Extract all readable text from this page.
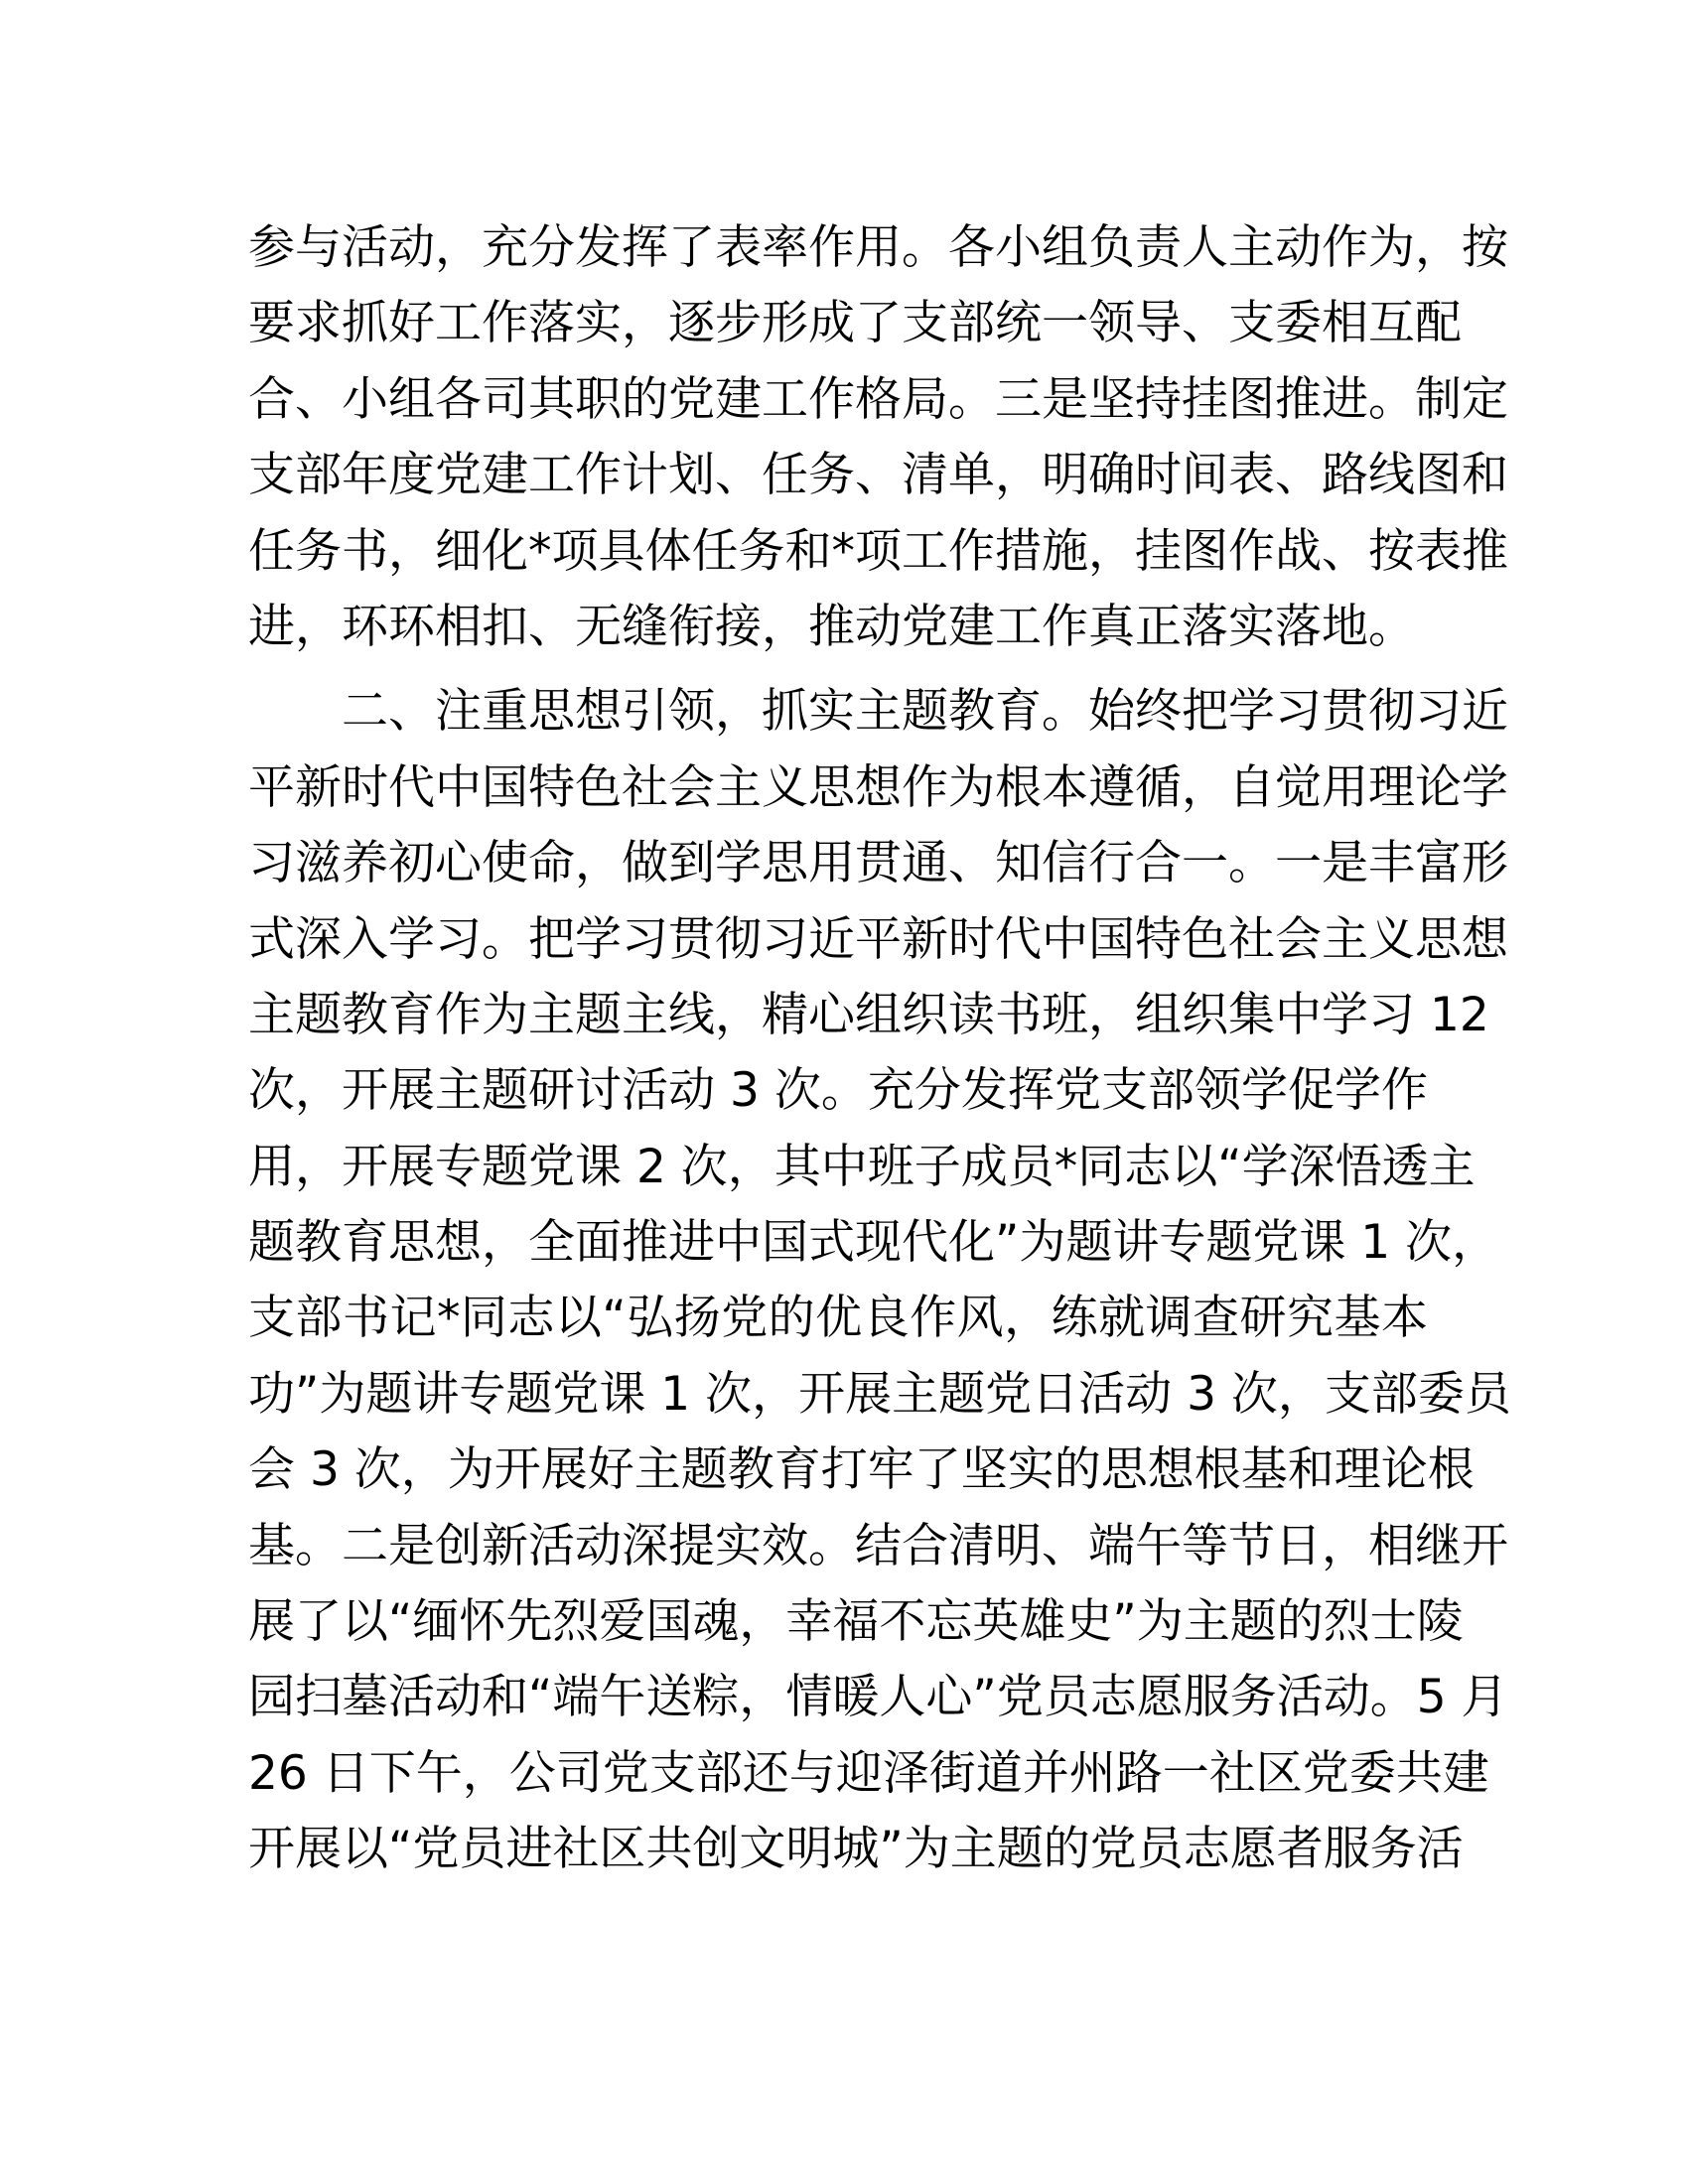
参与活动，充分发挥了表率作用。各小组负责人主动作为，按
要求抓好工作落实，逐步形成了支部统一领导、支委相互配
合、小组各司其职的党建工作格局。三是坚持挂图推进。制定
支部年度党建工作计划、任务、清单，明确时间表、路线图和
任务书，细化*项具体任务和*项工作措施，挂图作战、按表推
进，环环相扣、无缝衔接，推动党建工作真正落实落地。
二、注重思想引领，抓实主题教育。始终把学习贯彻习近
平新时代中国特色社会主义思想作为根本遵循，自觉用理论学
习滋养初心使命，做到学思用贯通、知信行合一。一是丰富形
式深入学习。把学习贯彻习近平新时代中国特色社会主义思想
主题教育作为主题主线，精心组织读书班，组织集中学习 12
次，开展主题研讨活动 3 次。充分发挥党支部领学促学作
用，开展专题党课 2 次，其中班子成员*同志以“学深悟透主
题教育思想，全面推进中国式现代化”为题讲专题党课 1 次，
支部书记*同志以“弘扬党的优良作风，练就调查研究基本
功”为题讲专题党课 1 次，开展主题党日活动 3 次，支部委员
会 3 次，为开展好主题教育打牢了坚实的思想根基和理论根
基。二是创新活动深提实效。结合清明、端午等节日，相继开
展了以“缅怀先烈爱国魂，幸福不忘英雄史”为主题的烈士陵
园扫墓活动和“端午送粽，情暖人心”党员志愿服务活动。5 月
26 日下午，公司党支部还与迎泽街道并州路一社区党委共建
开展以“党员进社区共创文明城”为主题的党员志愿者服务活
